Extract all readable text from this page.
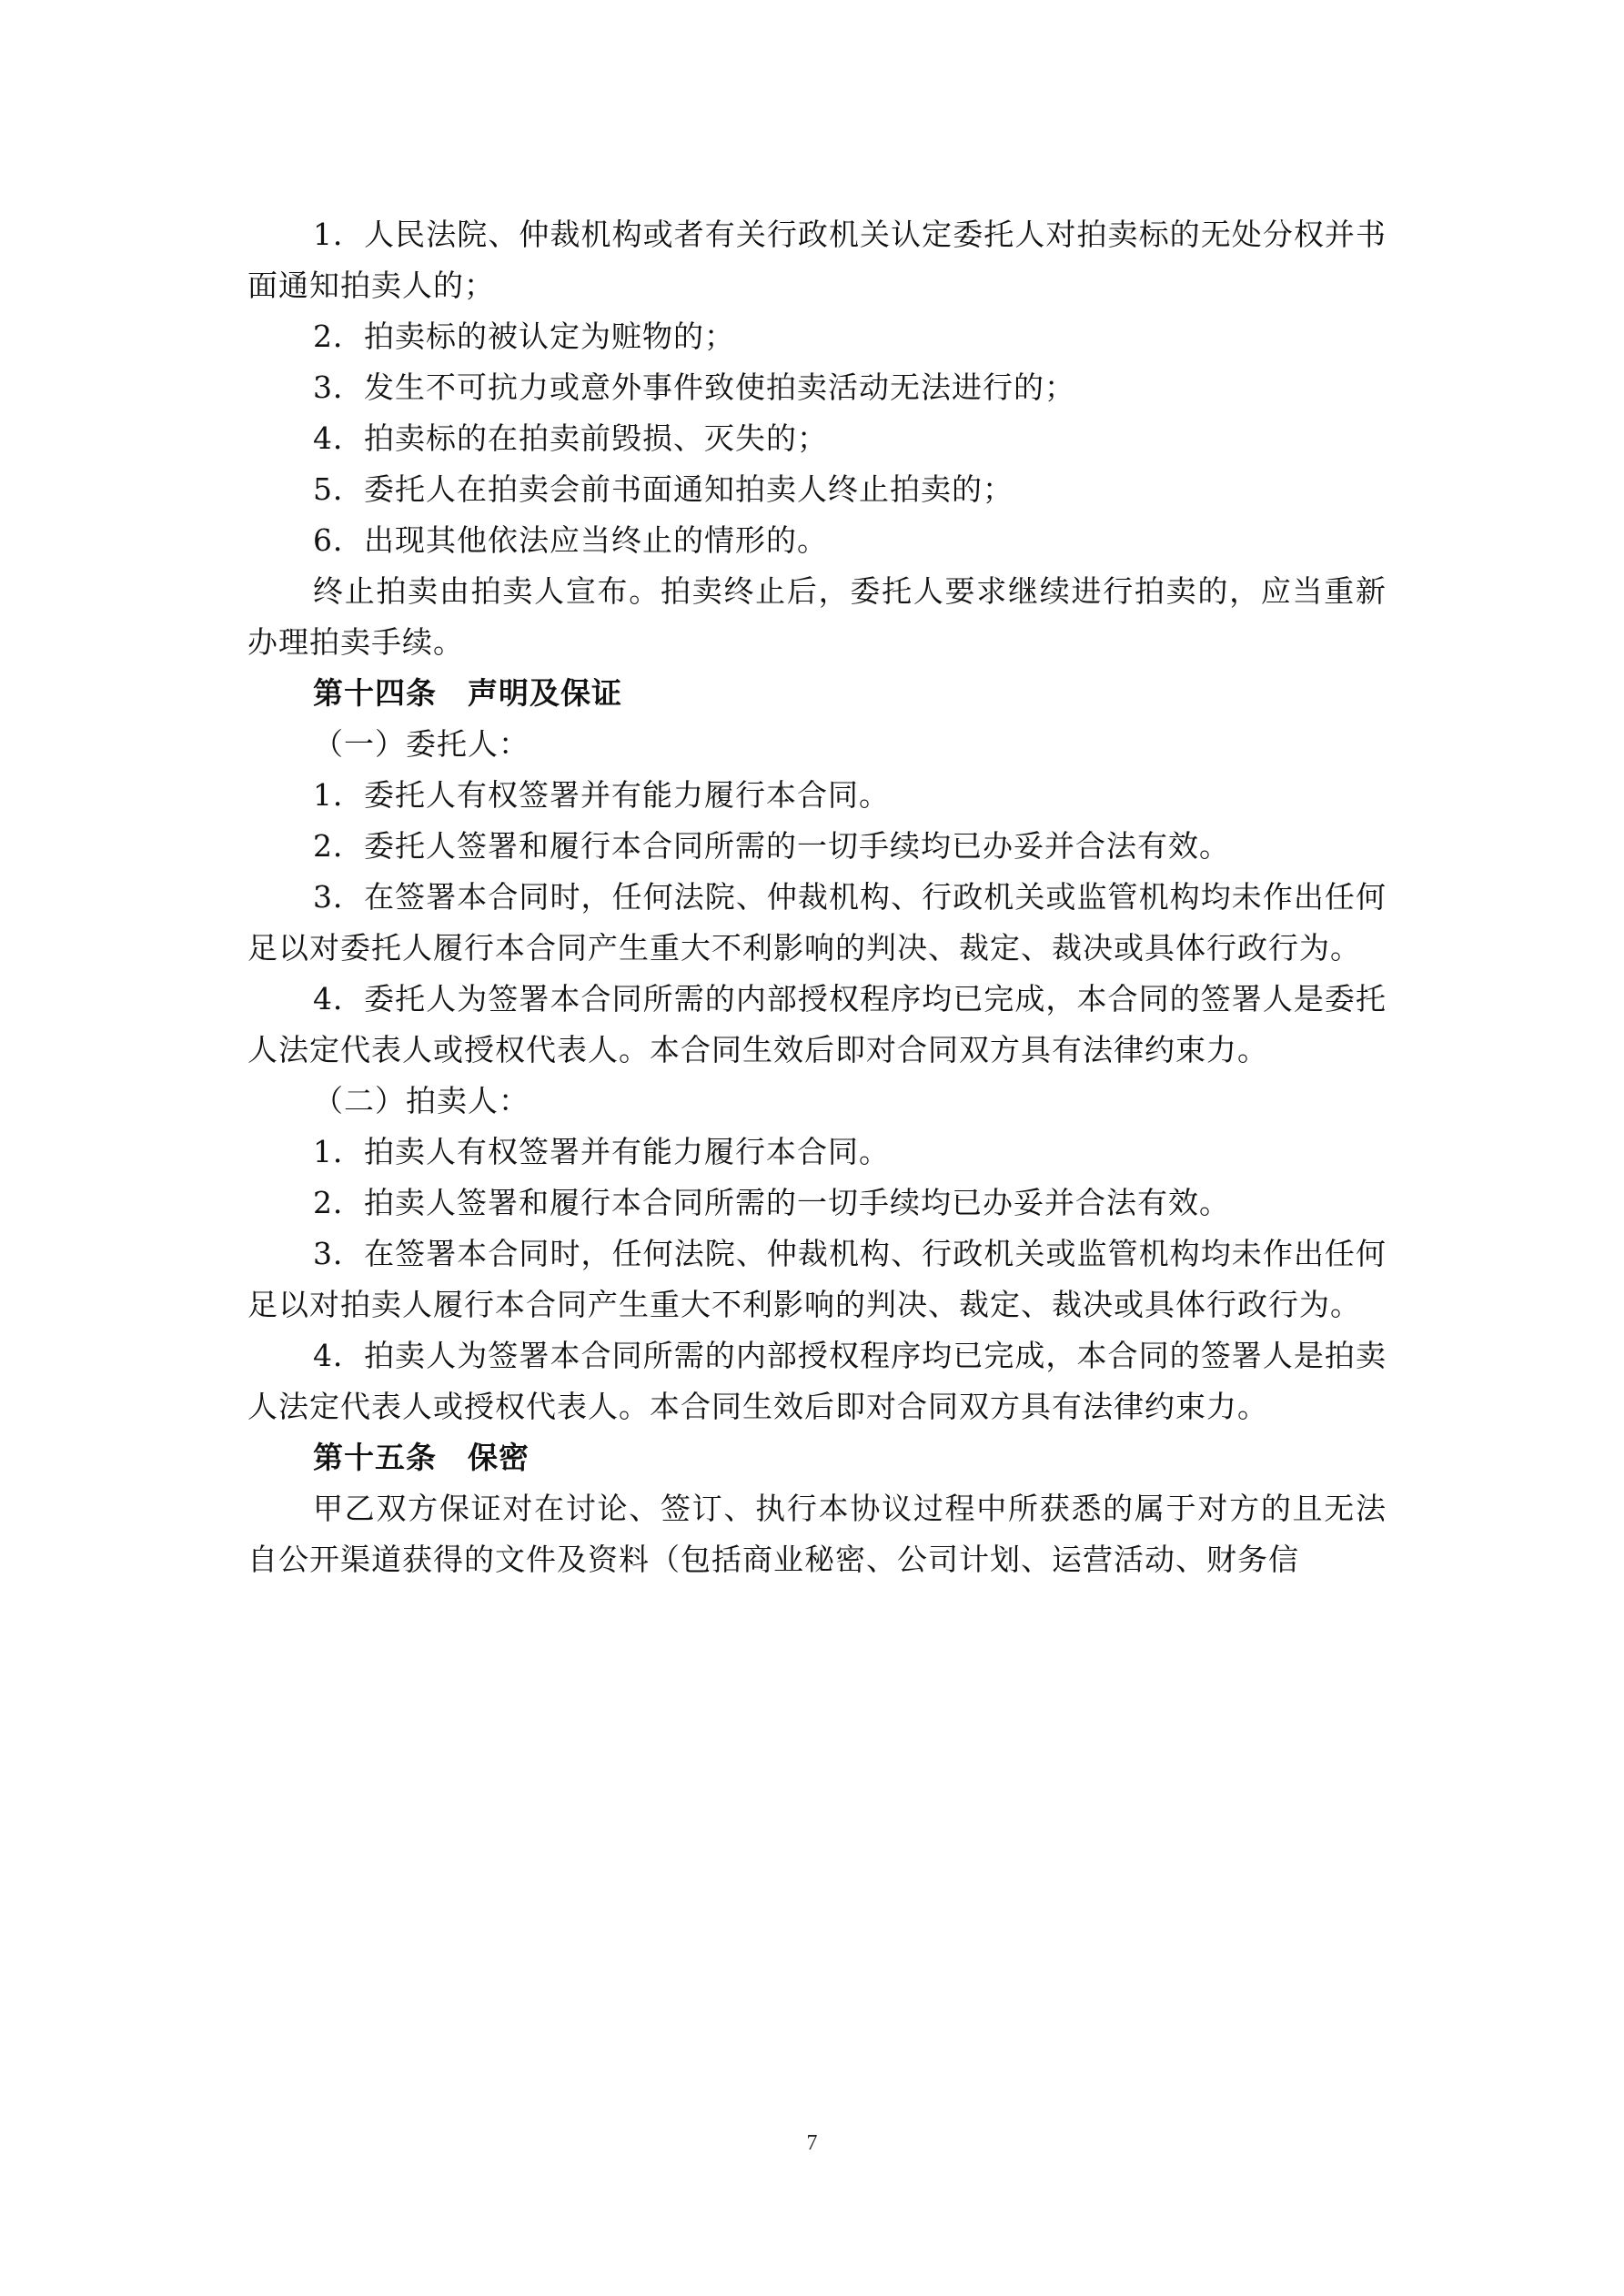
1．人民法院、仲裁机构或者有关行政机关认定委托人对拍卖标的无处分权并书面通知拍卖人的；

2．拍卖标的被认定为赃物的；

3．发生不可抗力或意外事件致使拍卖活动无法进行的；

4．拍卖标的在拍卖前毁损、灭失的；

5．委托人在拍卖会前书面通知拍卖人终止拍卖的；

6．出现其他依法应当终止的情形的。

终止拍卖由拍卖人宣布。拍卖终止后，委托人要求继续进行拍卖的，应当重新办理拍卖手续。

第十四条　声明及保证

（一）委托人：

1．委托人有权签署并有能力履行本合同。

2．委托人签署和履行本合同所需的一切手续均已办妥并合法有效。

3．在签署本合同时，任何法院、仲裁机构、行政机关或监管机构均未作出任何足以对委托人履行本合同产生重大不利影响的判决、裁定、裁决或具体行政行为。

4．委托人为签署本合同所需的内部授权程序均已完成，本合同的签署人是委托人法定代表人或授权代表人。本合同生效后即对合同双方具有法律约束力。

（二）拍卖人：

1．拍卖人有权签署并有能力履行本合同。

2．拍卖人签署和履行本合同所需的一切手续均已办妥并合法有效。

3．在签署本合同时，任何法院、仲裁机构、行政机关或监管机构均未作出任何足以对拍卖人履行本合同产生重大不利影响的判决、裁定、裁决或具体行政行为。

4．拍卖人为签署本合同所需的内部授权程序均已完成，本合同的签署人是拍卖人法定代表人或授权代表人。本合同生效后即对合同双方具有法律约束力。

第十五条　保密

甲乙双方保证对在讨论、签订、执行本协议过程中所获悉的属于对方的且无法自公开渠道获得的文件及资料（包括商业秘密、公司计划、运营活动、财务信

7
